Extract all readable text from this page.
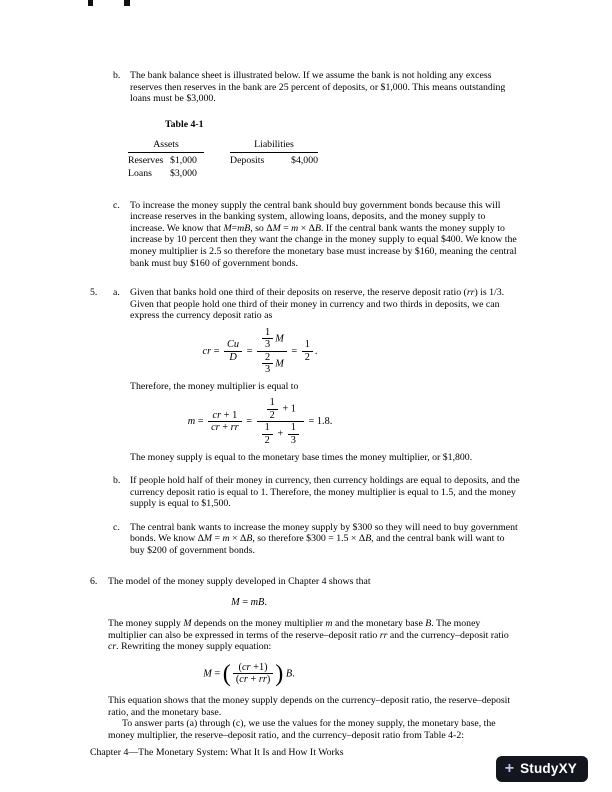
b. The bank balance sheet is illustrated below. If we assume the bank is not holding any excess reserves then reserves in the bank are 25 percent of deposits, or $1,000. This means outstanding loans must be $3,000.
Table 4-1
Assets	Liabilities
Reserves $1,000	Deposits	$4,000
Loans	$3,000
c.	To increase the money supply the central bank should buy government bonds because this will increase reserves in the banking system, allowing loans, deposits, and the money supply to increase. We know that M=mB, so ΔM = m × ΔB. If the central bank wants the money supply to increase by 10 percent then they want the change in the money supply to equal $400. We know the money multiplier is 2.5 so therefore the monetary base must increase by $160, meaning the central bank must buy $160 of government bonds.
5.	a.	Given that banks hold one third of their deposits on reserve, the reserve deposit ratio (rr) is 1/3. Given that people hold one third of their money in currency and two thirds in deposits, we can express the currency deposit ratio as

cr = $\frac{Cu}{D} = \frac{\frac{1}{3} M}{\frac{2}{3} M} = \frac{1}{2}$ .

Therefore, the money multiplier is equal to

$m = \frac{cr + 1}{cr + rr} = \frac{\frac{1}{2} + 1}{\frac{1}{2} + \frac{1}{3}} = 1.8$.

The money supply is equal to the monetary base times the money multiplier, or $1,800.

b. If people hold half of their money in currency, then currency holdings are equal to deposits, and the currency deposit ratio is equal to 1. Therefore, the money multiplier is equal to 1.5, and the money supply is equal to $1,500.
c.	The central bank wants to increase the money supply by $300 so they will need to buy government bonds. We know ΔM = m × ΔB, so therefore $300 = 1.5 × ΔB, and the central bank will want to buy $200 of government bonds.
6.	The model of the money supply developed in Chapter 4 shows that

M = mB.

The money supply M depends on the money multiplier m and the monetary base B. The money multiplier can also be expressed in terms of the reserve–deposit ratio rr and the currency–deposit ratio cr. Rewriting the money supply equation:

M = ( $\frac{(cr +1)}{(cr + rr)}$ ) B.

This equation shows that the money supply depends on the currency–deposit ratio, the reserve–deposit ratio, and the monetary base.

To answer parts (a) through (c), we use the values for the money supply, the monetary base, the money multiplier, the reserve–deposit ratio, and the currency–deposit ratio from Table 4-2:

Chapter 4—The Monetary System: What It Is and How It Works
+ StudyXY
